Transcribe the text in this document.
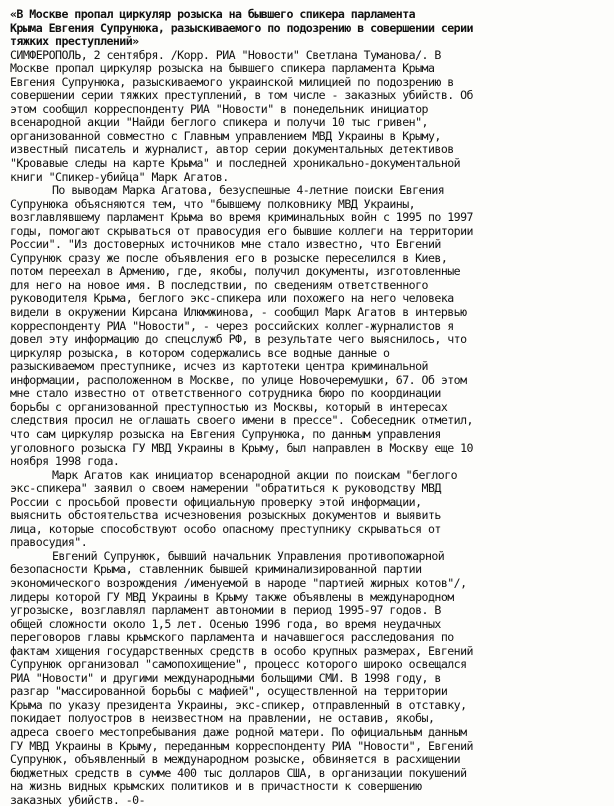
«В Москве пропал циркуляр розыска на бывшего спикера парламента
Крыма Евгения Супрунюка, разыскиваемого по подозрению в совершении серии
тяжких преступлений»
СИМФЕРОПОЛЬ, 2 сентября. /Корр. РИА "Новости" Светлана Туманова/. В
Москве пропал циркуляр розыска на бывшего спикера парламента Крыма
Евгения Супрунюка, разыскиваемого украинской милицией по подозрению в
совершении серии тяжких преступлений, в том числе - заказных убийств. Об
этом сообщил корреспонденту РИА "Новости" в понедельник инициатор
всенародной акции "Найди беглого спикера и получи 10 тыс гривен",
организованной совместно с Главным управлением МВД Украины в Крыму,
известный писатель и журналист, автор серии документальных детективов
"Кровавые следы на карте Крыма" и последней хроникально-документальной
книги "Спикер-убийца" Марк Агатов.
По выводам Марка Агатова, безуспешные 4-летние поиски Евгения
Супрунюка объясняются тем, что "бывшему полковнику МВД Украины,
возглавлявшему парламент Крыма во время криминальных войн с 1995 по 1997
годы, помогают скрываться от правосудия его бывшие коллеги на территории
России". "Из достоверных источников мне стало известно, что Евгений
Супрунюк сразу же после объявления его в розыске переселился в Киев,
потом переехал в Армению, где, якобы, получил документы, изготовленные
для него на новое имя. В последствии, по сведениям ответственного
руководителя Крыма, беглого экс-спикера или похожего на него человека
видели в окружении Кирсана Илюмжинова, - сообщил Марк Агатов в интервью
корреспонденту РИА "Новости", - через российских коллег-журналистов я
довел эту информацию до спецслужб РФ, в результате чего выяснилось, что
циркуляр розыска, в котором содержались все водные данные о
разыскиваемом преступнике, исчез из картотеки центра криминальной
информации, расположенном в Москве, по улице Новочеремушки, 67. Об этом
мне стало известно от ответственного сотрудника бюро по координации
борьбы с организованной преступностью из Москвы, который в интересах
следствия просил не оглашать своего имени в прессе". Собеседник отметил,
что сам циркуляр розыска на Евгения Супрунюка, по данным управления
уголовного розыска ГУ МВД Украины в Крыму, был направлен в Москву еще 10
ноября 1998 года.
Марк Агатов как инициатор всенародной акции по поискам "беглого
экс-спикера" заявил о своем намерении "обратиться к руководству МВД
России с просьбой провести официальную проверку этой информации,
выяснить обстоятельства исчезновения розыскных документов и выявить
лица, которые способствуют особо опасному преступнику скрываться от
правосудия".
Евгений Супрунюк, бывший начальник Управления противопожарной
безопасности Крыма, ставленник бывшей криминализированной партии
экономического возрождения /именуемой в народе "партией жирных котов"/,
лидеры которой ГУ МВД Украины в Крыму также объявлены в международном
угрозыске, возглавлял парламент автономии в период 1995-97 годов. В
общей сложности около 1,5 лет. Осенью 1996 года, во время неудачных
переговоров главы крымского парламента и начавшегося расследования по
фактам хищения государственных средств в особо крупных размерах, Евгений
Супрунюк организовал "самопохищение", процесс которого широко освещался
РИА "Новости" и другими международными больщими СМИ. В 1998 году, в
разгар "массированной борьбы с мафией", осуществленной на территории
Крыма по указу президента Украины, экс-спикер, отправленный в отставку,
покидает полуостров в неизвестном на правлении, не оставив, якобы,
адреса своего местопребывания даже родной матери. По официальным данным
ГУ МВД Украины в Крыму, переданным корреспонденту РИА "Новости", Евгений
Супрунюк, объявленный в международном розыске, обвиняется в расхищении
бюджетных средств в сумме 400 тыс долларов США, в организации покушений
на жизнь видных крымских политиков и в причастности к совершению
заказных убийств. -0-
